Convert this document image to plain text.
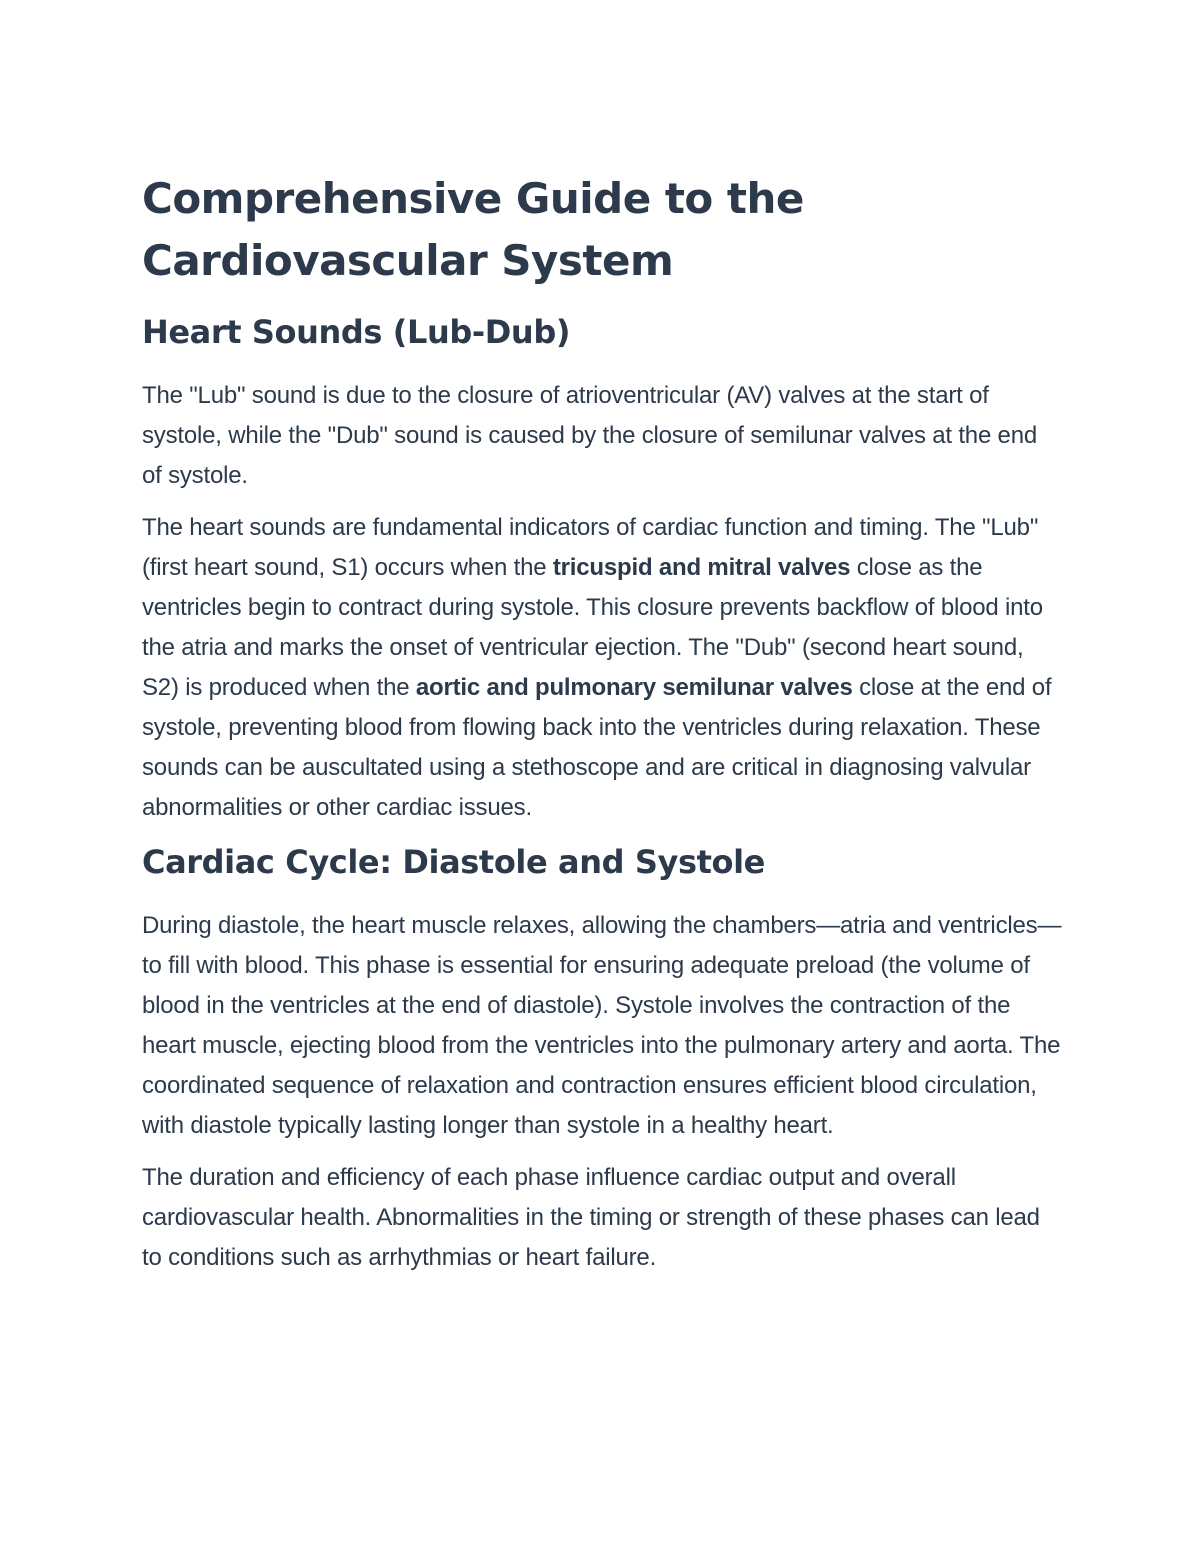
Comprehensive Guide to the Cardiovascular System
Heart Sounds (Lub-Dub)

The "Lub" sound is due to the closure of atrioventricular (AV) valves at the start of systole, while the "Dub" sound is caused by the closure of semilunar valves at the end of systole.

The heart sounds are fundamental indicators of cardiac function and timing. The "Lub" (first heart sound, S1) occurs when the tricuspid and mitral valves close as the ventricles begin to contract during systole. This closure prevents backflow of blood into the atria and marks the onset of ventricular ejection. The "Dub" (second heart sound, S2) is produced when the aortic and pulmonary semilunar valves close at the end of systole, preventing blood from flowing back into the ventricles during relaxation. These sounds can be auscultated using a stethoscope and are critical in diagnosing valvular abnormalities or other cardiac issues.

Cardiac Cycle: Diastole and Systole

During diastole, the heart muscle relaxes, allowing the chambers—atria and ventricles—to fill with blood. This phase is essential for ensuring adequate preload (the volume of blood in the ventricles at the end of diastole). Systole involves the contraction of the heart muscle, ejecting blood from the ventricles into the pulmonary artery and aorta. The coordinated sequence of relaxation and contraction ensures efficient blood circulation, with diastole typically lasting longer than systole in a healthy heart.

The duration and efficiency of each phase influence cardiac output and overall cardiovascular health. Abnormalities in the timing or strength of these phases can lead to conditions such as arrhythmias or heart failure.
